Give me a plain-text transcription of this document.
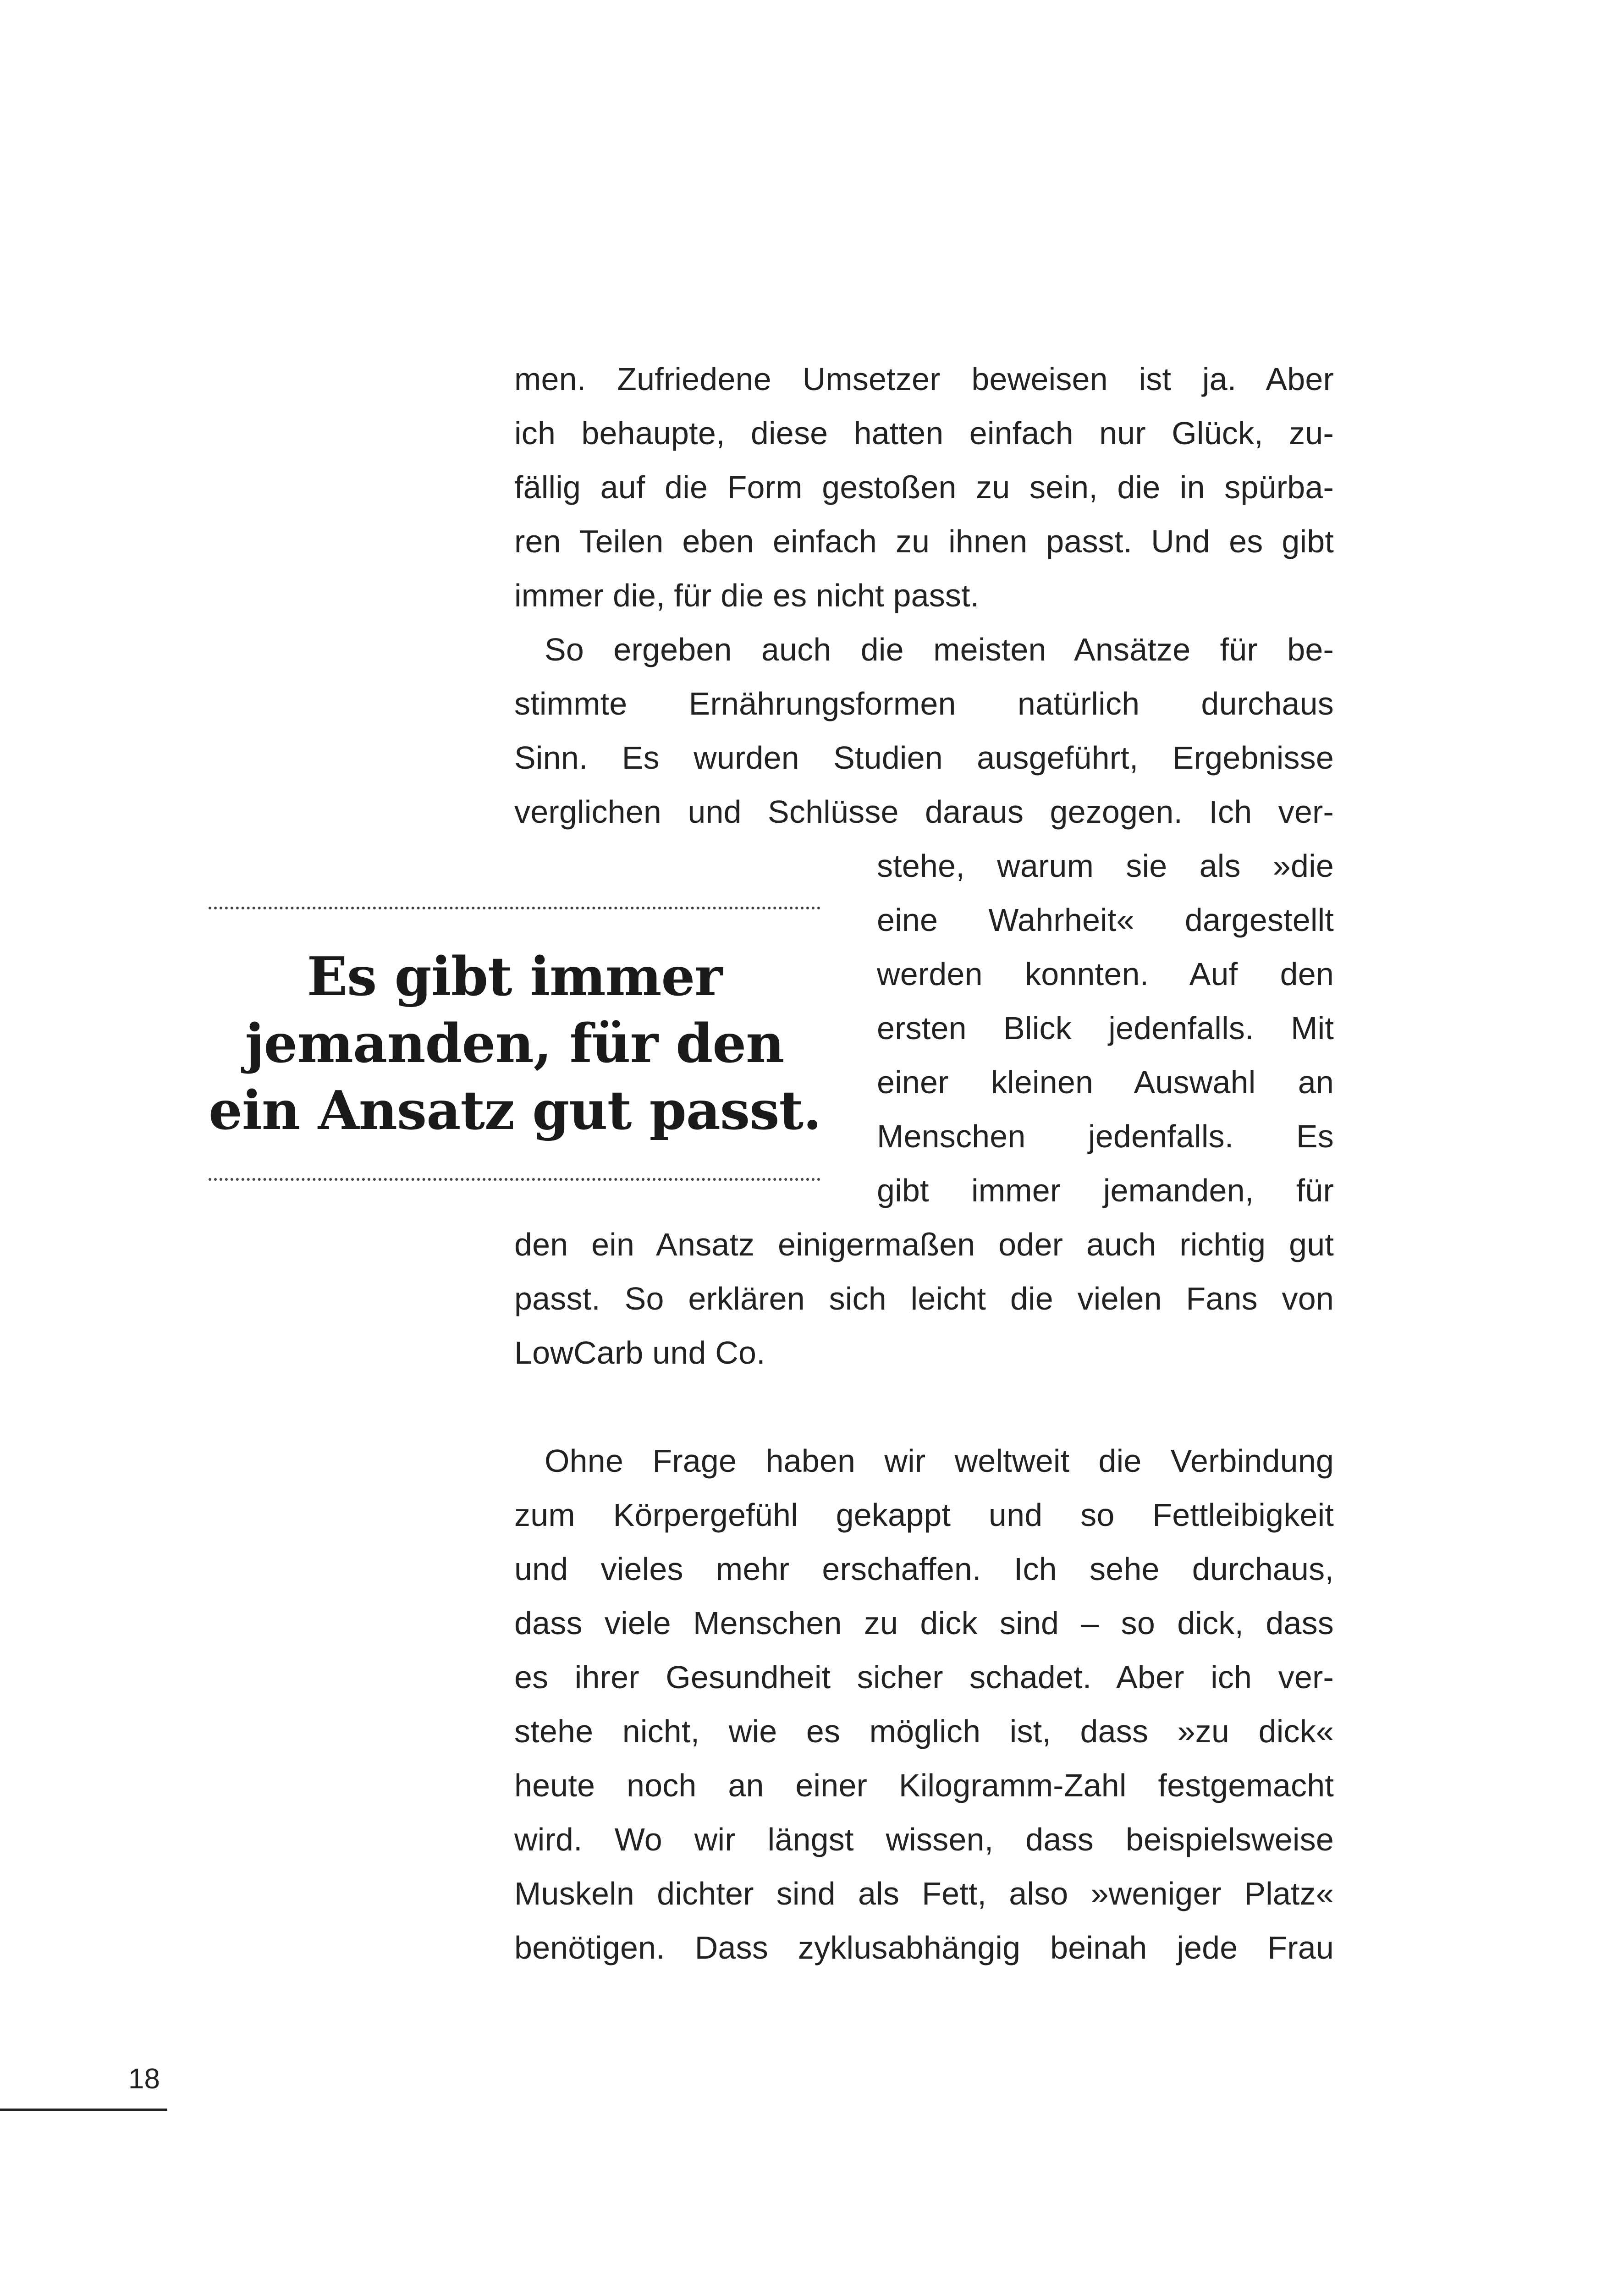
men. Zufriedene Umsetzer beweisen ist ja. Aber
ich behaupte, diese hatten einfach nur Glück, zu-
fällig auf die Form gestoßen zu sein, die in spürba-
ren Teilen eben einfach zu ihnen passt. Und es gibt
immer die, für die es nicht passt.
So ergeben auch die meisten Ansätze für be-
stimmte Ernährungsformen natürlich durchaus
Sinn. Es wurden Studien ausgeführt, Ergebnisse
verglichen und Schlüsse daraus gezogen. Ich ver-
stehe, warum sie als »die
eine Wahrheit« dargestellt
werden konnten. Auf den
ersten Blick jedenfalls. Mit
einer kleinen Auswahl an
Menschen jedenfalls. Es
gibt immer jemanden, für
den ein Ansatz einigermaßen oder auch richtig gut
passt. So erklären sich leicht die vielen Fans von
LowCarb und Co.
Ohne Frage haben wir weltweit die Verbindung
zum Körpergefühl gekappt und so Fettleibigkeit
und vieles mehr erschaffen. Ich sehe durchaus,
dass viele Menschen zu dick sind – so dick, dass
es ihrer Gesundheit sicher schadet. Aber ich ver-
stehe nicht, wie es möglich ist, dass »zu dick«
heute noch an einer Kilogramm-Zahl festgemacht
wird. Wo wir längst wissen, dass beispielsweise
Muskeln dichter sind als Fett, also »weniger Platz«
benötigen. Dass zyklusabhängig beinah jede Frau
Es gibt immer
jemanden, für den
ein Ansatz gut passt.
18
